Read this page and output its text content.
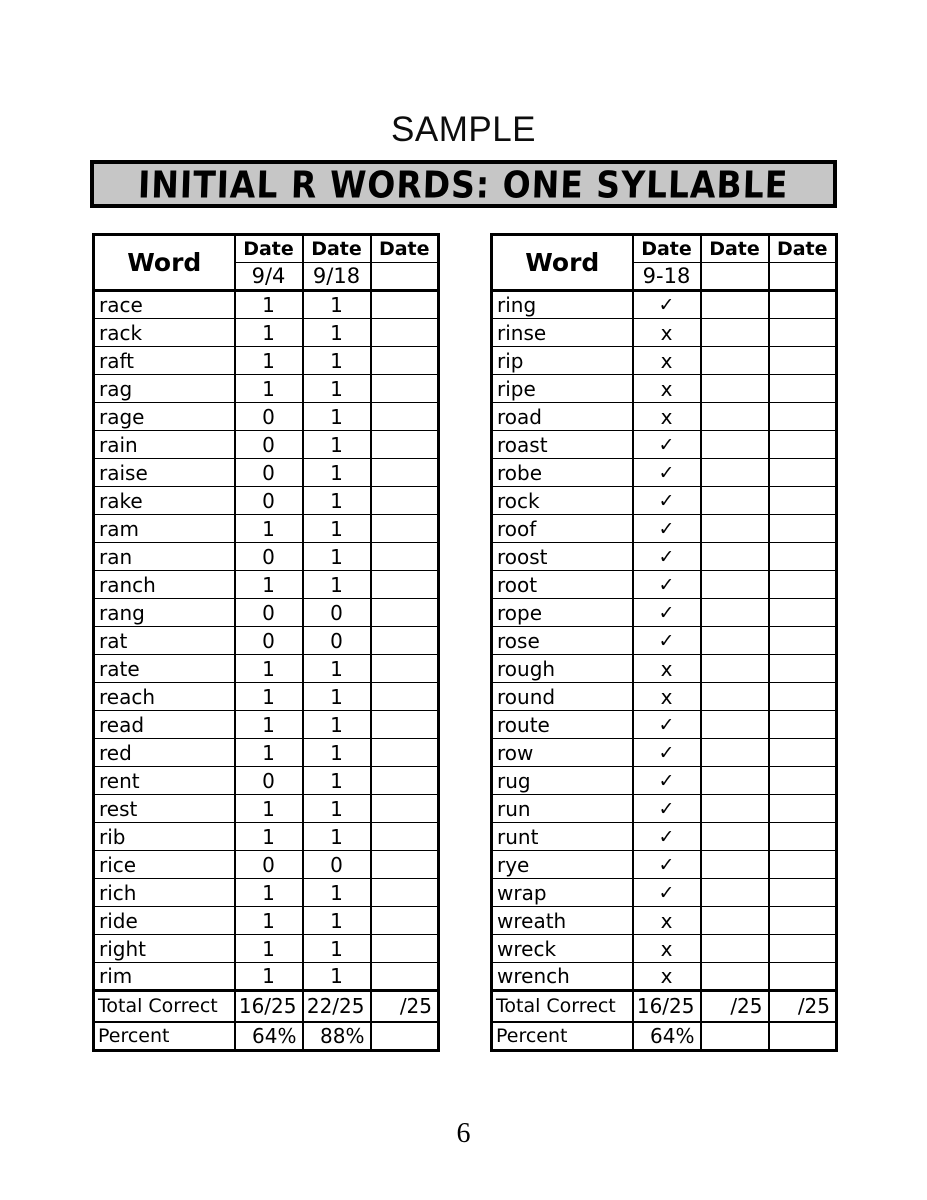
SAMPLE
INITIAL R WORDS: ONE SYLLABLE
Word	Date	Date	Date
	9/4	9/18	
race	1	1	
rack	1	1	
raft	1	1	
rag	1	1	
rage	0	1	
rain	0	1	
raise	0	1	
rake	0	1	
ram	1	1	
ran	0	1	
ranch	1	1	
rang	0	0	
rat	0	0	
rate	1	1	
reach	1	1	
read	1	1	
red	1	1	
rent	0	1	
rest	1	1	
rib	1	1	
rice	0	0	
rich	1	1	
ride	1	1	
right	1	1	
rim	1	1	
Total Correct	16/25	22/25	/25
Percent	64%	88%	
Word	Date	Date	Date
	9-18		
ring	✓		
rinse	x		
rip	x		
ripe	x		
road	x		
roast	✓		
robe	✓		
rock	✓		
roof	✓		
roost	✓		
root	✓		
rope	✓		
rose	✓		
rough	x		
round	x		
route	✓		
row	✓		
rug	✓		
run	✓		
runt	✓		
rye	✓		
wrap	✓		
wreath	x		
wreck	x		
wrench	x		
Total Correct	16/25	/25	/25
Percent	64%		
6
